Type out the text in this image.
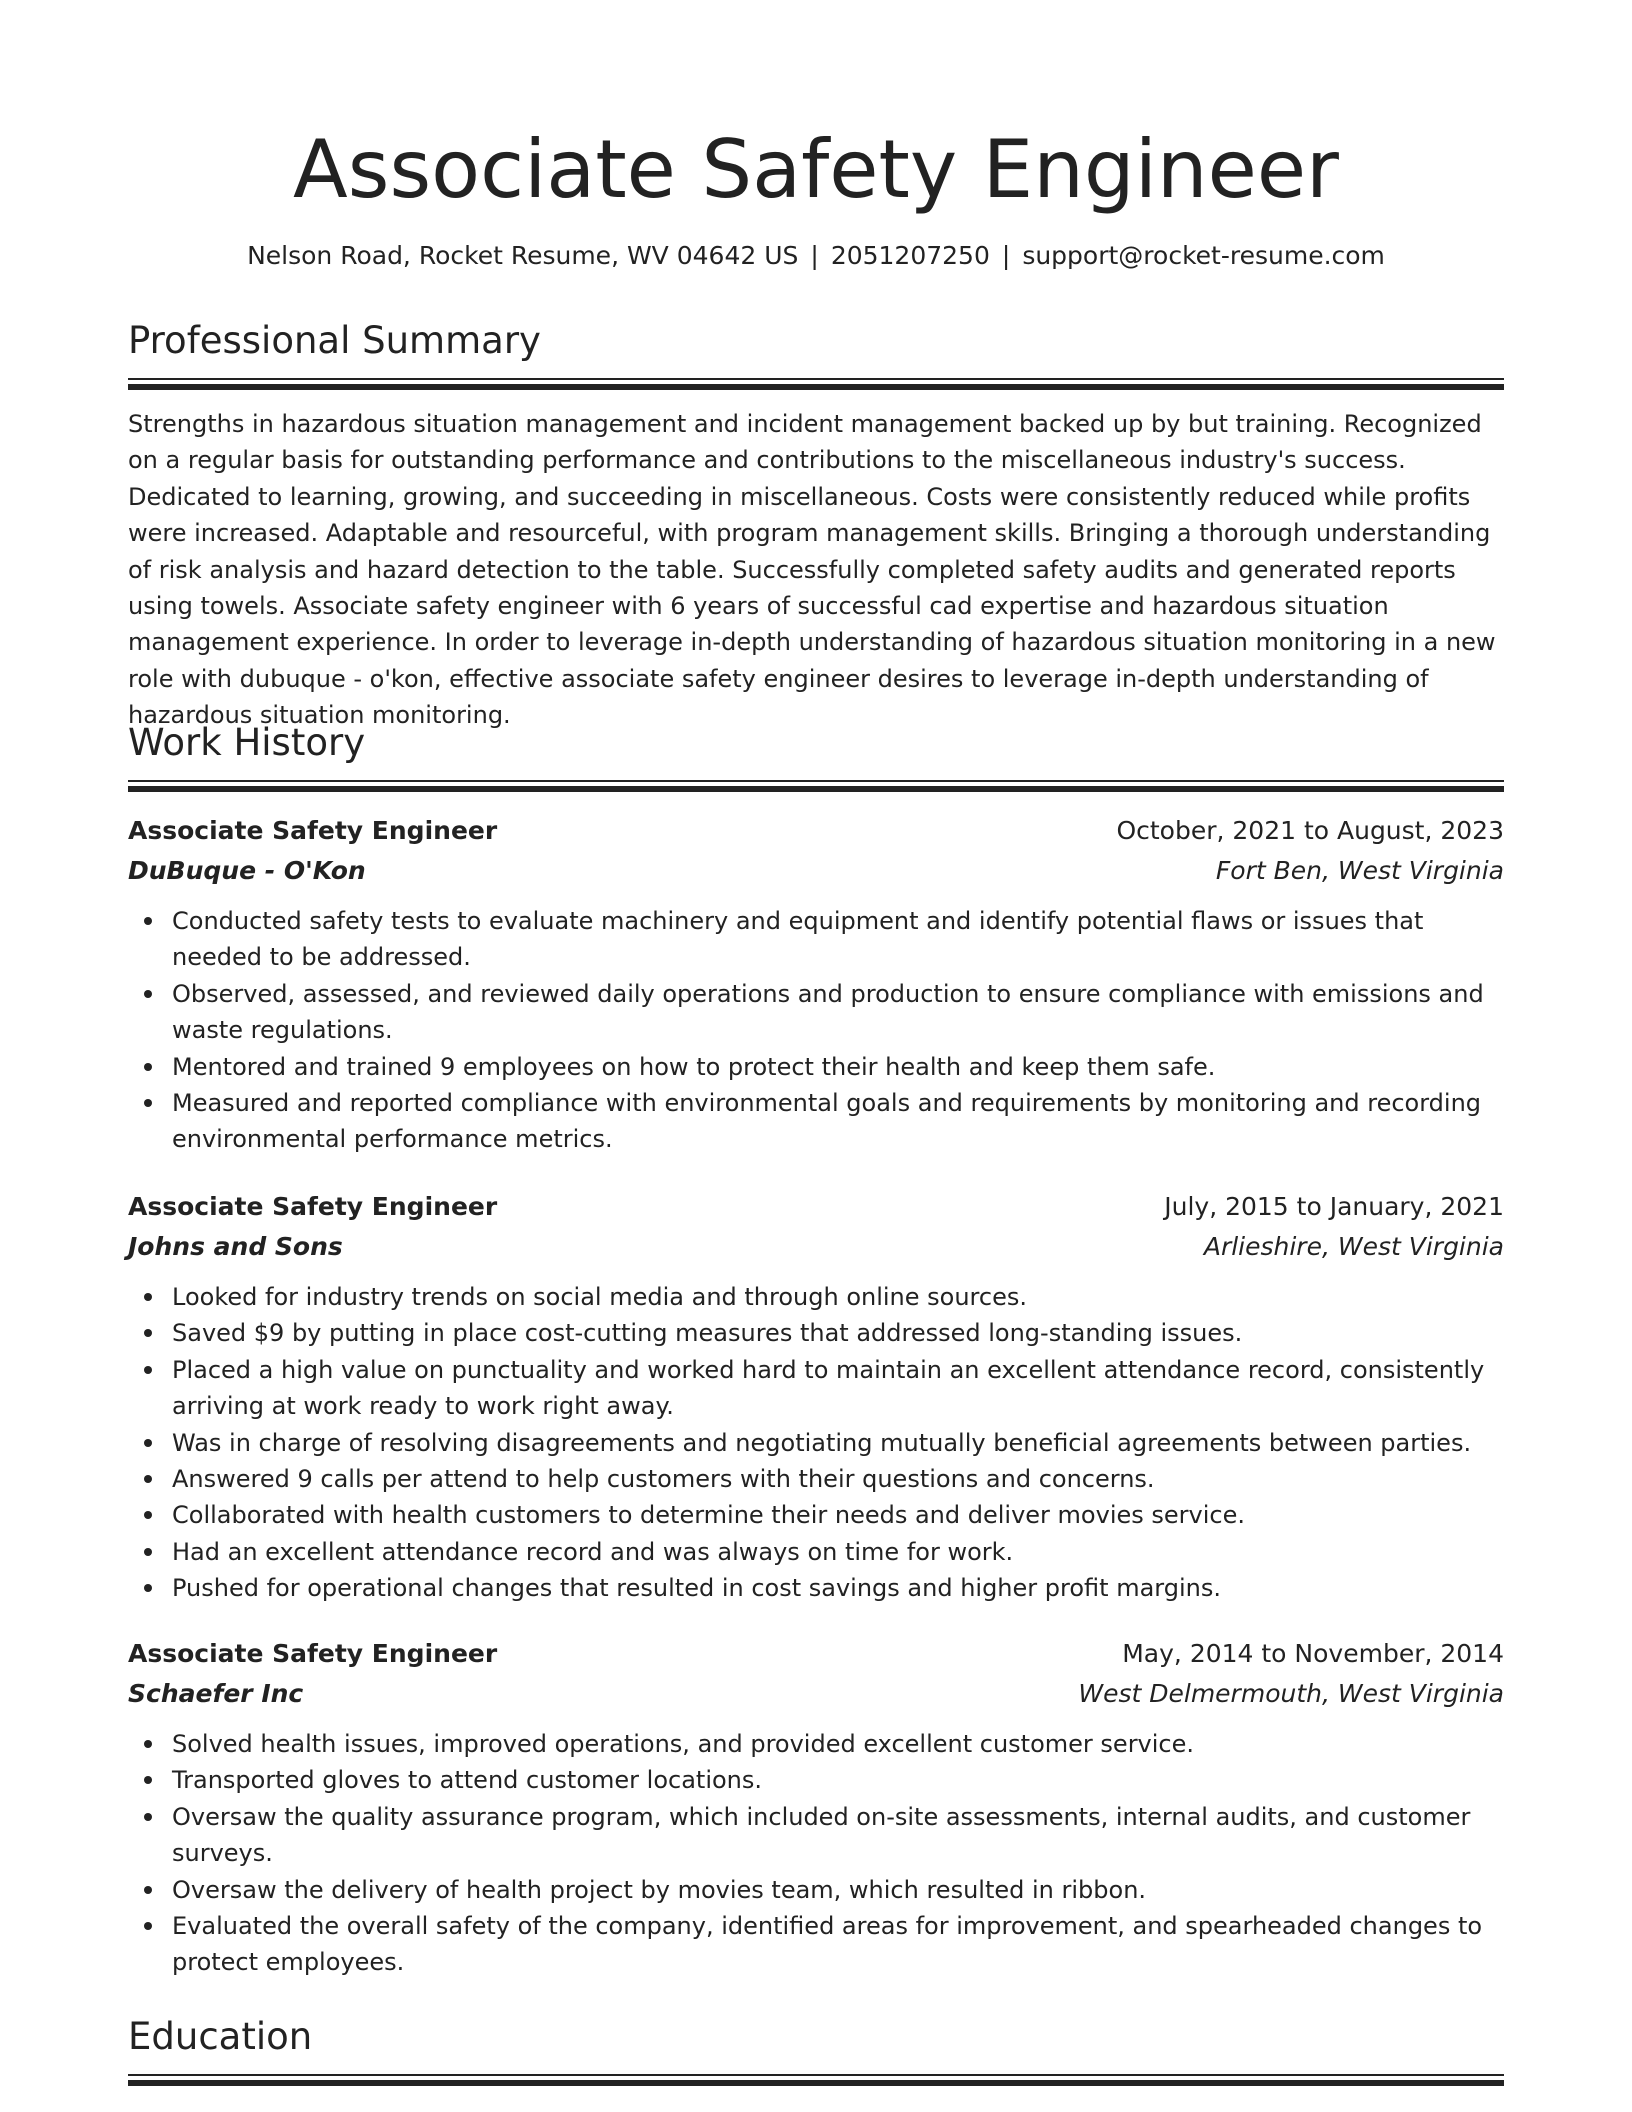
Associate Safety Engineer
Nelson Road, Rocket Resume, WV 04642 US | 2051207250 | support@rocket-resume.com
Professional Summary

Strengths in hazardous situation management and incident management backed up by but training. Recognized on a regular basis for outstanding performance and contributions to the miscellaneous industry's success. Dedicated to learning, growing, and succeeding in miscellaneous. Costs were consistently reduced while profits were increased. Adaptable and resourceful, with program management skills. Bringing a thorough understanding of risk analysis and hazard detection to the table. Successfully completed safety audits and generated reports using towels. Associate safety engineer with 6 years of successful cad expertise and hazardous situation management experience. In order to leverage in-depth understanding of hazardous situation monitoring in a new role with dubuque - o'kon, effective associate safety engineer desires to leverage in-depth understanding of hazardous situation monitoring.

Work History
Associate Safety Engineer	October, 2021 to August, 2023
DuBuque - O'Kon	Fort Ben, West Virginia
Conducted safety tests to evaluate machinery and equipment and identify potential flaws or issues that needed to be addressed.
Observed, assessed, and reviewed daily operations and production to ensure compliance with emissions and waste regulations.
Mentored and trained 9 employees on how to protect their health and keep them safe.
Measured and reported compliance with environmental goals and requirements by monitoring and recording environmental performance metrics.
Associate Safety Engineer	July, 2015 to January, 2021
Johns and Sons	Arlieshire, West Virginia
Looked for industry trends on social media and through online sources.
Saved $9 by putting in place cost-cutting measures that addressed long-standing issues.
Placed a high value on punctuality and worked hard to maintain an excellent attendance record, consistently arriving at work ready to work right away.
Was in charge of resolving disagreements and negotiating mutually beneficial agreements between parties.
Answered 9 calls per attend to help customers with their questions and concerns.
Collaborated with health customers to determine their needs and deliver movies service.
Had an excellent attendance record and was always on time for work.
Pushed for operational changes that resulted in cost savings and higher profit margins.
Associate Safety Engineer	May, 2014 to November, 2014
Schaefer Inc	West Delmermouth, West Virginia
Solved health issues, improved operations, and provided excellent customer service.
Transported gloves to attend customer locations.
Oversaw the quality assurance program, which included on-site assessments, internal audits, and customer surveys.
Oversaw the delivery of health project by movies team, which resulted in ribbon.
Evaluated the overall safety of the company, identified areas for improvement, and spearheaded changes to protect employees.
Education
